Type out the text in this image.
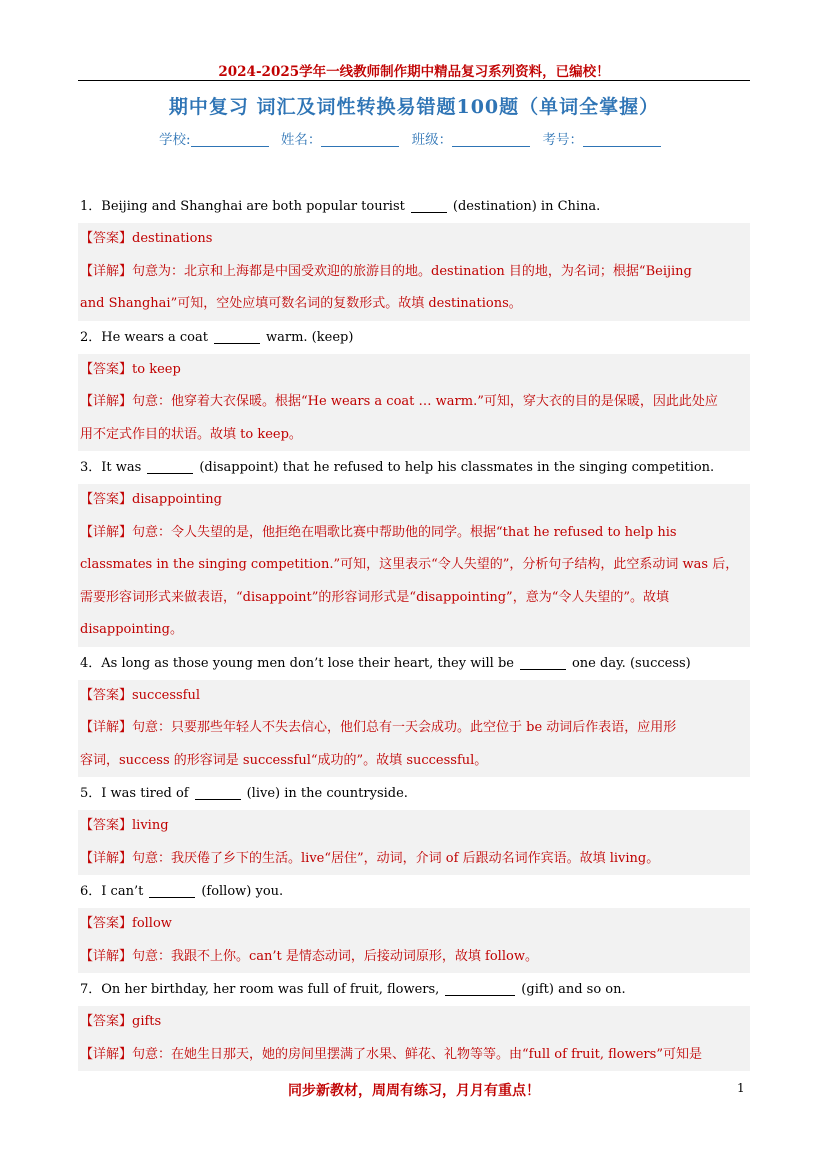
2024-2025学年一线教师制作期中精品复习系列资料，已编校！
期中复习 词汇及词性转换易错题100题（单词全掌握）
学校:	姓名：	班级：	考号：
1．Beijing and Shanghai are both popular tourist	(destination) in China.
【答案】destinations
【详解】句意为：北京和上海都是中国受欢迎的旅游目的地。destination 目的地，为名词；根据“Beijing
and Shanghai”可知，空处应填可数名词的复数形式。故填 destinations。
2．He wears a coat	warm. (keep)
【答案】to keep
【详解】句意：他穿着大衣保暖。根据“He wears a coat … warm.”可知，穿大衣的目的是保暖，因此此处应
用不定式作目的状语。故填 to keep。
3．It was	(disappoint) that he refused to help his classmates in the singing competition.
【答案】disappointing
【详解】句意：令人失望的是，他拒绝在唱歌比赛中帮助他的同学。根据“that he refused to help his
classmates in the singing competition.”可知，这里表示“令人失望的”，分析句子结构，此空系动词 was 后，
需要形容词形式来做表语，“disappoint”的形容词形式是“disappointing”，意为“令人失望的”。故填
disappointing。
4．As long as those young men don’t lose their heart, they will be	one day. (success)
【答案】successful
【详解】句意：只要那些年轻人不失去信心，他们总有一天会成功。此空位于 be 动词后作表语，应用形
容词，success 的形容词是 successful“成功的”。故填 successful。
5．I was tired of	(live) in the countryside.
【答案】living
【详解】句意：我厌倦了乡下的生活。live“居住”，动词，介词 of 后跟动名词作宾语。故填 living。
6．I can’t	(follow) you.
【答案】follow
【详解】句意：我跟不上你。can’t 是情态动词，后接动词原形，故填 follow。
7．On her birthday, her room was full of fruit, flowers,	(gift) and so on.
【答案】gifts
【详解】句意：在她生日那天，她的房间里摆满了水果、鲜花、礼物等等。由“full of fruit, flowers”可知是
同步新教材，周周有练习，月月有重点！	1
